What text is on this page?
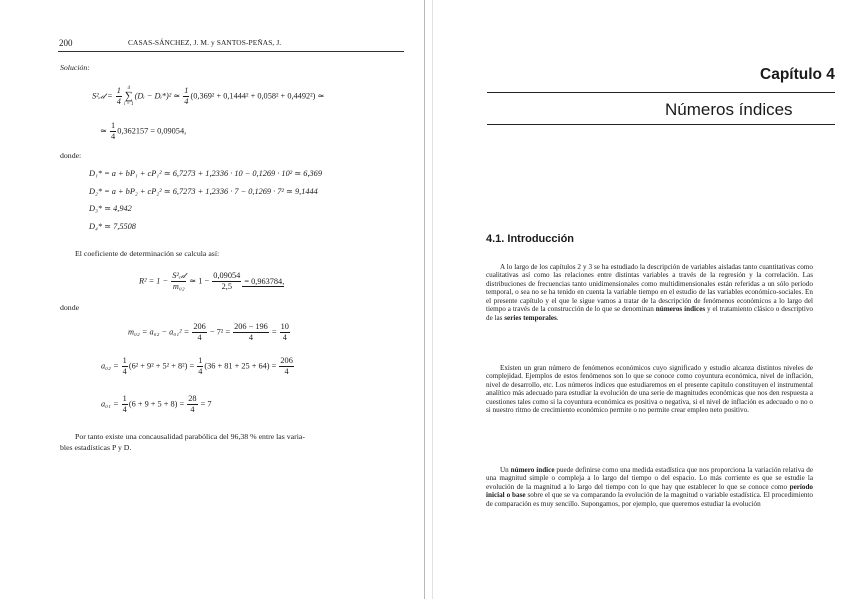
200	CASAS-SÁNCHEZ, J. M. y SANTOS-PEÑAS, J.
Solución:
S²ₑ𝒹 = $\frac{1}{4} 4$
∑
i = 1(Dᵢ − Dᵢ*)² ≃ $\frac{1}{4} (0,369^2 + 0,1444^2 + 0,058^2 + 0,4492^2)$ ≃
≃ $\frac{1}{4} 0,362157 = 0,09054$,
donde:
D₁* = a + bP₁ + cP₁² ≃ 6,7273 + 1,2336 · 10 − 0,1269 · 10² ≃ 6,369
D₂* = a + bP₂ + cP₂² ≃ 6,7273 + 1,2336 · 7 − 0,1269 · 7² ≃ 9,1444
D₃* ≃ 4,942
D₄* ≃ 7,5508
El coeficiente de determinación se calcula así:
$R^2 = 1 - \frac{\text{S²ₑ𝒹}}{\text{m₀₂}}$ ≃ $1 - \frac{0,09054}{2,5} = 0,963784$,
donde
$m_{02} = a_{02} - a_{01}^2 = \frac{206}{4} - 7^2 = \frac{206 - 196}{4} = \frac{10}{4}$
$a_{02} = \frac{1}{4} (6^2 + 9^2 + 5^2 + 8^2) = \frac{1}{4} (36 + 81 + 25 + 64) = \frac{206}{4}$
$a_{01} = \frac{1}{4} (6 + 9 + 5 + 8) = \frac{28}{4} = 7$
Por tanto existe una concausalidad parabólica del 96,38 % entre las varia-
bles estadísticas P y D.
Capítulo 4
Números índices
4.1. Introducción

A lo largo de los capítulos 2 y 3 se ha estudiado la descripción de variables aisladas tanto cuantitativas como cualitativas así como las relaciones entre distintas variables a través de la regresión y la correlación. Las distribuciones de frecuencias tanto unidimensionales como multidimensionales están referidas a un sólo período temporal, o sea no se ha tenido en cuenta la variable tiempo en el estudio de las variables económico-sociales. En el presente capítulo y el que le sigue vamos a tratar de la descripción de fenómenos económicos a lo largo del tiempo a través de la construcción de lo que se denominan números índices y el tratamiento clásico o descriptivo de las series temporales.

Existen un gran número de fenómenos económicos cuyo significado y estudio alcanza distintos niveles de complejidad. Ejemplos de estos fenómenos son lo que se conoce como coyuntura económica, nivel de inflación, nivel de desarrollo, etc. Los números índices que estudiaremos en el presente capítulo constituyen el instrumental analítico más adecuado para estudiar la evolución de una serie de magnitudes económicas que nos den respuesta a cuestiones tales como si la coyuntura económica es positiva o negativa, si el nivel de inflación es adecuado o no o si nuestro ritmo de crecimiento económico permite o no permite crear empleo neto positivo.

Un número índice puede definirse como una medida estadística que nos proporciona la variación relativa de una magnitud simple o compleja a lo largo del tiempo o del espacio. Lo más corriente es que se estudie la evolución de la magnitud a lo largo del tiempo con lo que hay que establecer lo que se conoce como período inicial o base sobre el que se va comparando la evolución de la magnitud o variable estadística. El procedimiento de comparación es muy sencillo. Supongamos, por ejemplo, que queremos estudiar la evolución
